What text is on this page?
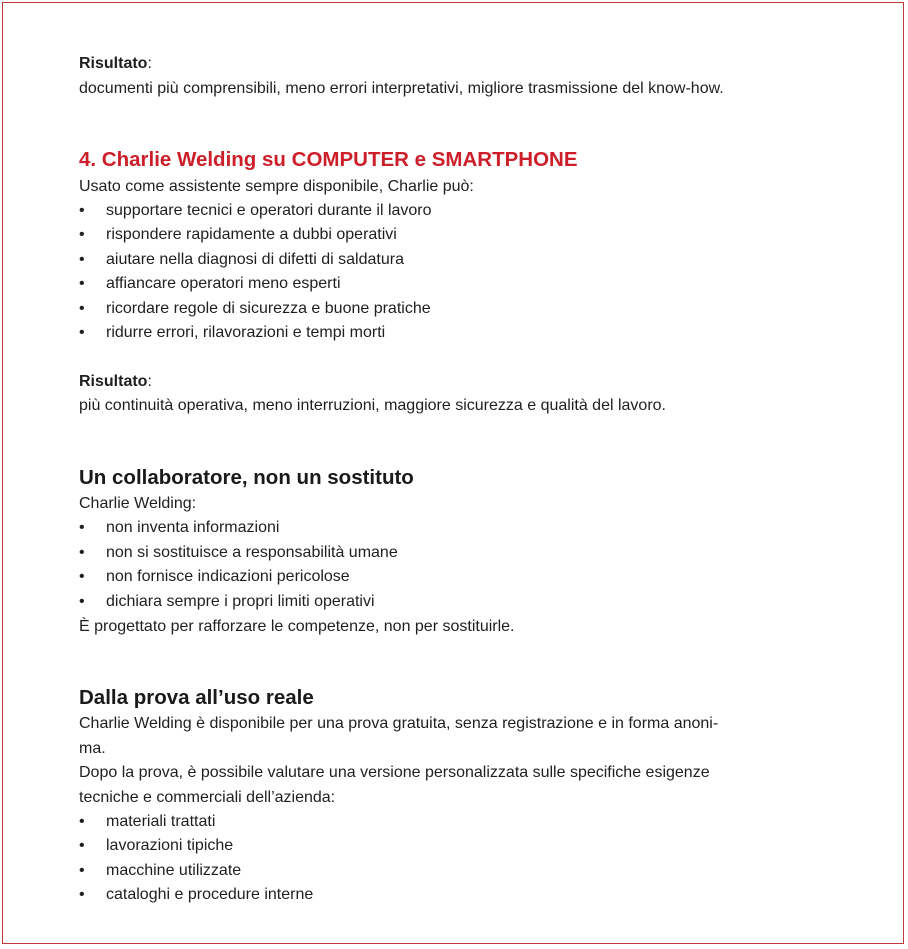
Risultato:
documenti più comprensibili, meno errori interpretativi, migliore trasmissione del know-how.
4. Charlie Welding su COMPUTER e SMARTPHONE
Usato come assistente sempre disponibile, Charlie può:
• supportare tecnici e operatori durante il lavoro
• rispondere rapidamente a dubbi operativi
• aiutare nella diagnosi di difetti di saldatura
• affiancare operatori meno esperti
• ricordare regole di sicurezza e buone pratiche
• ridurre errori, rilavorazioni e tempi morti
Risultato:
più continuità operativa, meno interruzioni, maggiore sicurezza e qualità del lavoro.
Un collaboratore, non un sostituto
Charlie Welding:
• non inventa informazioni
• non si sostituisce a responsabilità umane
• non fornisce indicazioni pericolose
• dichiara sempre i propri limiti operativi
È progettato per rafforzare le competenze, non per sostituirle.
Dalla prova all’uso reale
Charlie Welding è disponibile per una prova gratuita, senza registrazione e in forma anoni-
ma.
Dopo la prova, è possibile valutare una versione personalizzata sulle specifiche esigenze
tecniche e commerciali dell’azienda:
• materiali trattati
• lavorazioni tipiche
• macchine utilizzate
• cataloghi e procedure interne
